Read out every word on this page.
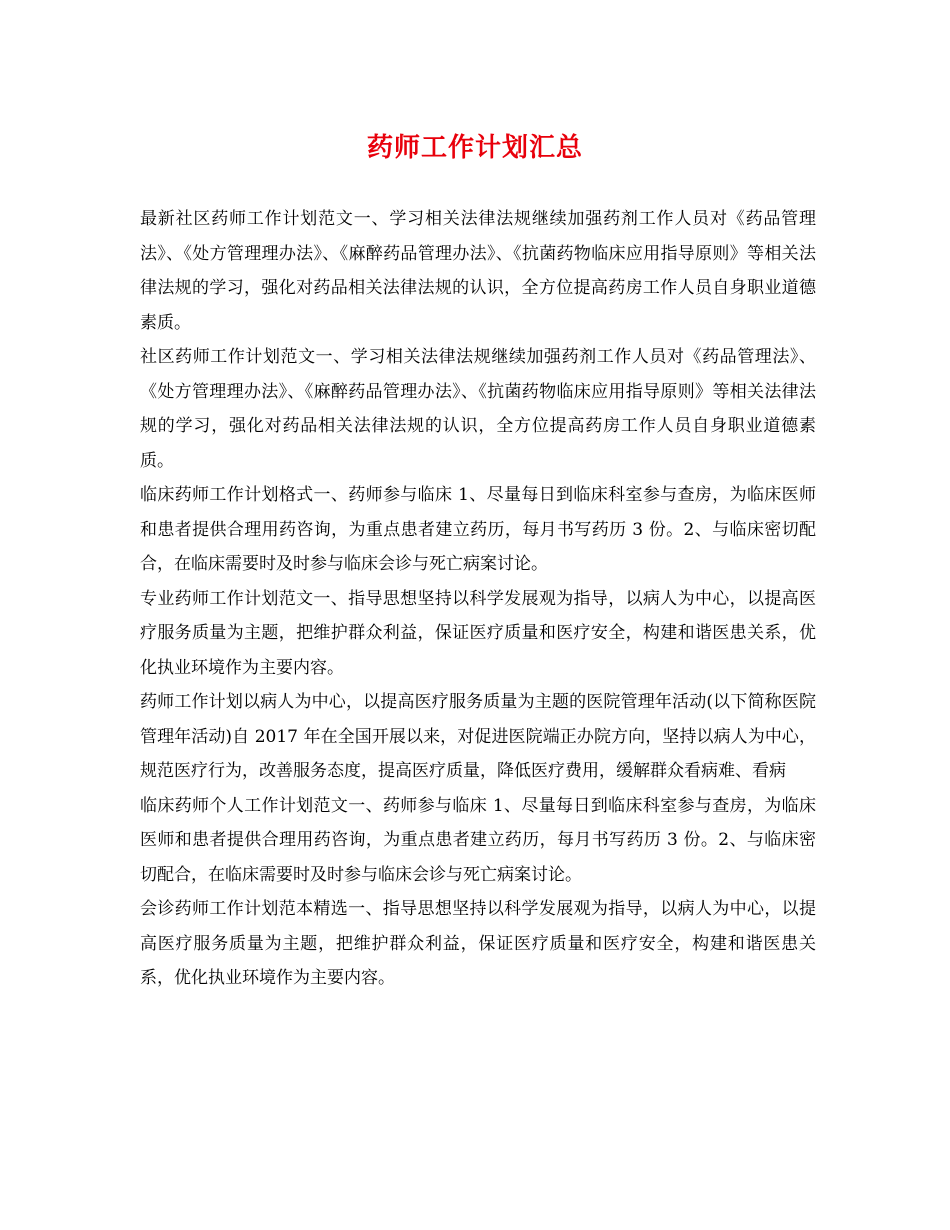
药师工作计划汇总

最新社区药师工作计划范文一、学习相关法律法规继续加强药剂工作人员对《药品管理法》、《处方管理理办法》、《麻醉药品管理办法》、《抗菌药物临床应用指导原则》等相关法律法规的学习，强化对药品相关法律法规的认识，全方位提高药房工作人员自身职业道德素质。

社区药师工作计划范文一、学习相关法律法规继续加强药剂工作人员对《药品管理法》、《处方管理理办法》、《麻醉药品管理办法》、《抗菌药物临床应用指导原则》等相关法律法规的学习，强化对药品相关法律法规的认识，全方位提高药房工作人员自身职业道德素质。

临床药师工作计划格式一、药师参与临床 1、尽量每日到临床科室参与查房，为临床医师和患者提供合理用药咨询，为重点患者建立药历，每月书写药历 3 份。2、与临床密切配合，在临床需要时及时参与临床会诊与死亡病案讨论。

专业药师工作计划范文一、指导思想坚持以科学发展观为指导，以病人为中心，以提高医疗服务质量为主题，把维护群众利益，保证医疗质量和医疗安全，构建和谐医患关系，优化执业环境作为主要内容。

药师工作计划以病人为中心，以提高医疗服务质量为主题的医院管理年活动(以下简称医院管理年活动)自 2017 年在全国开展以来，对促进医院端正办院方向，坚持以病人为中心，规范医疗行为，改善服务态度，提高医疗质量，降低医疗费用，缓解群众看病难、看病

临床药师个人工作计划范文一、药师参与临床 1、尽量每日到临床科室参与查房，为临床医师和患者提供合理用药咨询，为重点患者建立药历，每月书写药历 3 份。2、与临床密切配合，在临床需要时及时参与临床会诊与死亡病案讨论。

会诊药师工作计划范本精选一、指导思想坚持以科学发展观为指导，以病人为中心，以提高医疗服务质量为主题，把维护群众利益，保证医疗质量和医疗安全，构建和谐医患关系，优化执业环境作为主要内容。
